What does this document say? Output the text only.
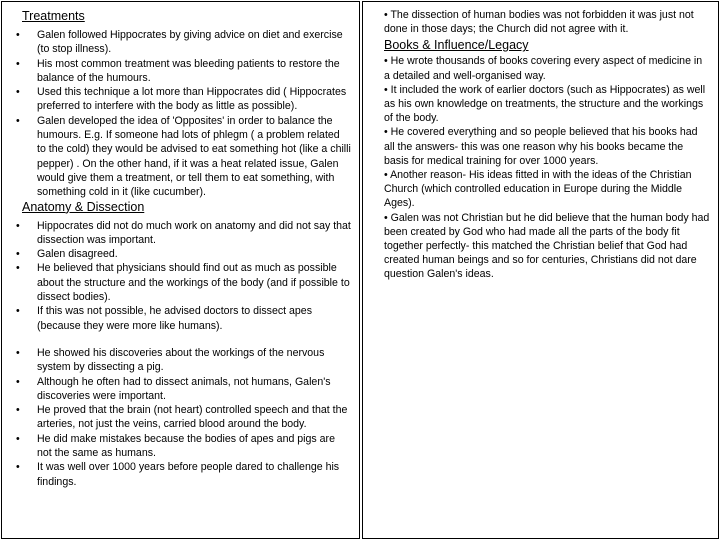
Treatments
• Galen followed Hippocrates by giving advice on diet and exercise (to stop illness).
• His most common treatment was bleeding patients to restore the balance of the humours.
• Used this technique a lot more than Hippocrates did ( Hippocrates preferred to interfere with the body as little as possible).
• Galen developed the idea of 'Opposites' in order to balance the humours. E.g. If someone had lots of phlegm ( a problem related to the cold) they would be advised to eat something hot (like a chilli pepper) . On the other hand, if it was a heat related issue, Galen would give them a treatment, or tell them to eat something, with something cold in it (like cucumber).
Anatomy & Dissection
• Hippocrates did not do much work on anatomy and did not say that dissection was important.
• Galen disagreed.
• He believed that physicians should find out as much as possible about the structure and the workings of the body (and if possible to dissect bodies).
• If this was not possible, he advised doctors to dissect apes (because they were more like humans).
• He showed his discoveries about the workings of the nervous system by dissecting a pig.
• Although he often had to dissect animals, not humans, Galen's discoveries were important.
• He proved that the brain (not heart) controlled speech and that the arteries, not just the veins, carried blood around the body.
• He did make mistakes because the bodies of apes and pigs are not the same as humans.
• It was well over 1000 years before people dared to challenge his findings.

• The dissection of human bodies was not forbidden it was just not done in those days; the Church did not agree with it.

Books & Influence/Legacy

• He wrote thousands of books covering every aspect of medicine in a detailed and well-organised way.

• It included the work of earlier doctors (such as Hippocrates) as well as his own knowledge on treatments, the structure and the workings of the body.

• He covered everything and so people believed that his books had all the answers- this was one reason why his books became the basis for medical training for over 1000 years.

• Another reason- His ideas fitted in with the ideas of the Christian Church (which controlled education in Europe during the Middle Ages).

• Galen was not Christian but he did believe that the human body had been created by God who had made all the parts of the body fit together perfectly- this matched the Christian belief that God had created human beings and so for centuries, Christians did not dare question Galen's ideas.
